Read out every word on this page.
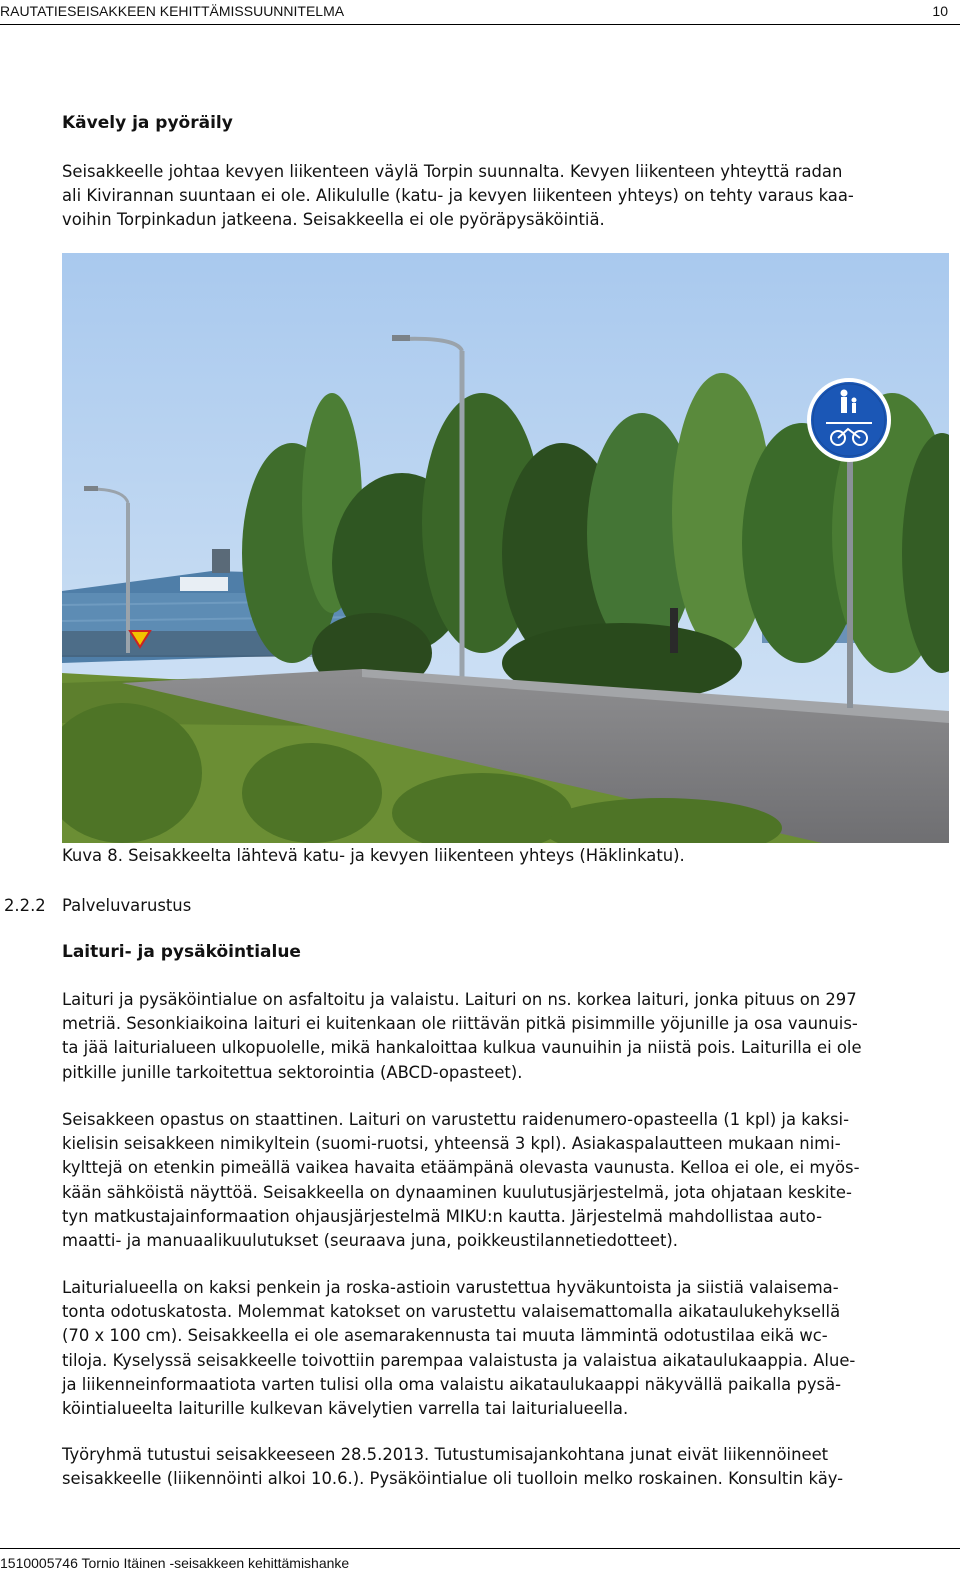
RAUTATIESEISAKKEEN KEHITTÄMISSUUNNITELMA	10
Kävely ja pyöräily

Seisakkeelle johtaa kevyen liikenteen väylä Torpin suunnalta. Kevyen liikenteen yhteyttä radan
ali Kivirannan suuntaan ei ole. Alikululle (katu- ja kevyen liikenteen yhteys) on tehty varaus kaa-
voihin Torpinkadun jatkeena. Seisakkeella ei ole pyöräpysäköintiä.

Kuva 8. Seisakkeelta lähtevä katu- ja kevyen liikenteen yhteys (Häklinkatu).
2.2.2 Palveluvarustus
Laituri- ja pysäköintialue

Laituri ja pysäköintialue on asfaltoitu ja valaistu. Laituri on ns. korkea laituri, jonka pituus on 297
metriä. Sesonkiaikoina laituri ei kuitenkaan ole riittävän pitkä pisimmille yöjunille ja osa vaunuis-
ta jää laiturialueen ulkopuolelle, mikä hankaloittaa kulkua vaunuihin ja niistä pois. Laiturilla ei ole
pitkille junille tarkoitettua sektorointia (ABCD-opasteet).

Seisakkeen opastus on staattinen. Laituri on varustettu raidenumero-opasteella (1 kpl) ja kaksi-
kielisin seisakkeen nimikyltein (suomi-ruotsi, yhteensä 3 kpl). Asiakaspalautteen mukaan nimi-
kylttejä on etenkin pimeällä vaikea havaita etäämpänä olevasta vaunusta. Kelloa ei ole, ei myös-
kään sähköistä näyttöä. Seisakkeella on dynaaminen kuulutusjärjestelmä, jota ohjataan keskite-
tyn matkustajainformaation ohjausjärjestelmä MIKU:n kautta. Järjestelmä mahdollistaa auto-
maatti- ja manuaalikuulutukset (seuraava juna, poikkeustilannetiedotteet).

Laiturialueella on kaksi penkein ja roska-astioin varustettua hyväkuntoista ja siistiä valaisema-
tonta odotuskatosta. Molemmat katokset on varustettu valaisemattomalla aikataulukehyksellä
(70 x 100 cm). Seisakkeella ei ole asemarakennusta tai muuta lämmintä odotustilaa eikä wc-
tiloja. Kyselyssä seisakkeelle toivottiin parempaa valaistusta ja valaistua aikataulukaappia. Alue-
ja liikenneinformaatiota varten tulisi olla oma valaistu aikataulukaappi näkyvällä paikalla pysä-
köintialueelta laiturille kulkevan kävelytien varrella tai laiturialueella.

Työryhmä tutustui seisakkeeseen 28.5.2013. Tutustumisajankohtana junat eivät liikennöineet
seisakkeelle (liikennöinti alkoi 10.6.). Pysäköintialue oli tuolloin melko roskainen. Konsultin käy-

1510005746 Tornio Itäinen -seisakkeen kehittämishanke
